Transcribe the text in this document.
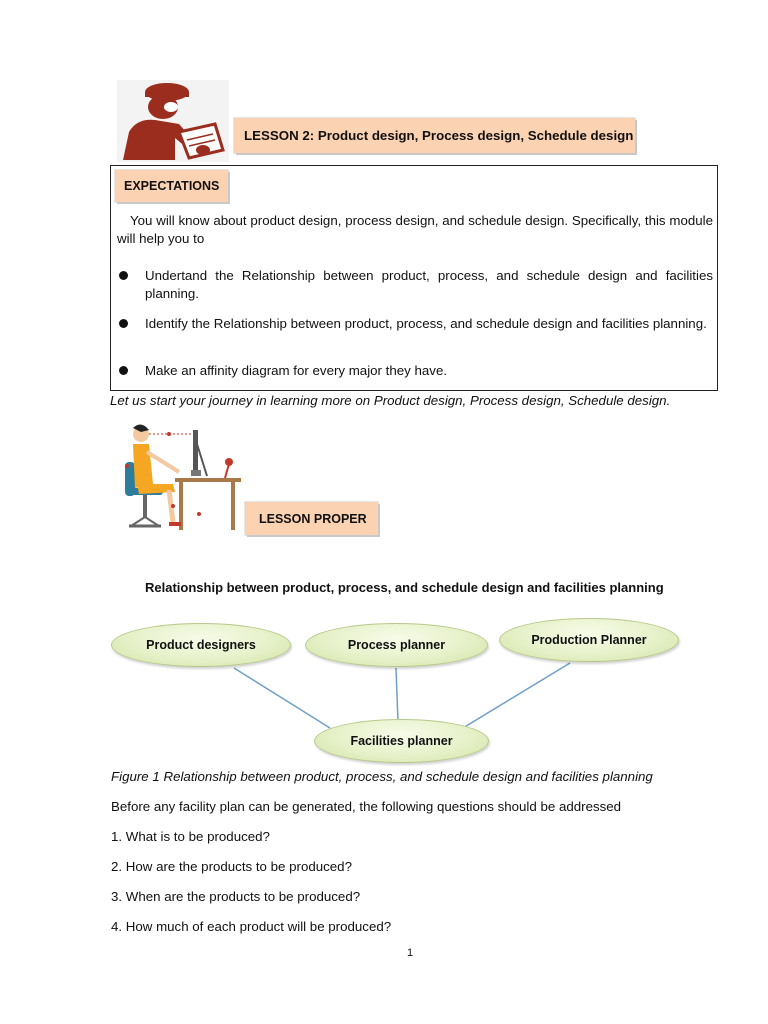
LESSON 2: Product design, Process design, Schedule design
EXPECTATIONS
You will know about product design, process design, and schedule design. Specifically, this module will help you to
Undertand the Relationship between product, process, and schedule design and facilities planning.
Identify the Relationship between product, process, and schedule design and facilities planning.
Make an affinity diagram for every major they have.
Let us start your journey in learning more on Product design, Process design, Schedule design.
LESSON PROPER
Relationship between product, process, and schedule design and facilities planning
Product designers	Process planner	Production Planner
Facilities planner
Figure 1 Relationship between product, process, and schedule design and facilities planning
Before any facility plan can be generated, the following questions should be addressed
1. What is to be produced?
2. How are the products to be produced?
3. When are the products to be produced?
4. How much of each product will be produced?
1
